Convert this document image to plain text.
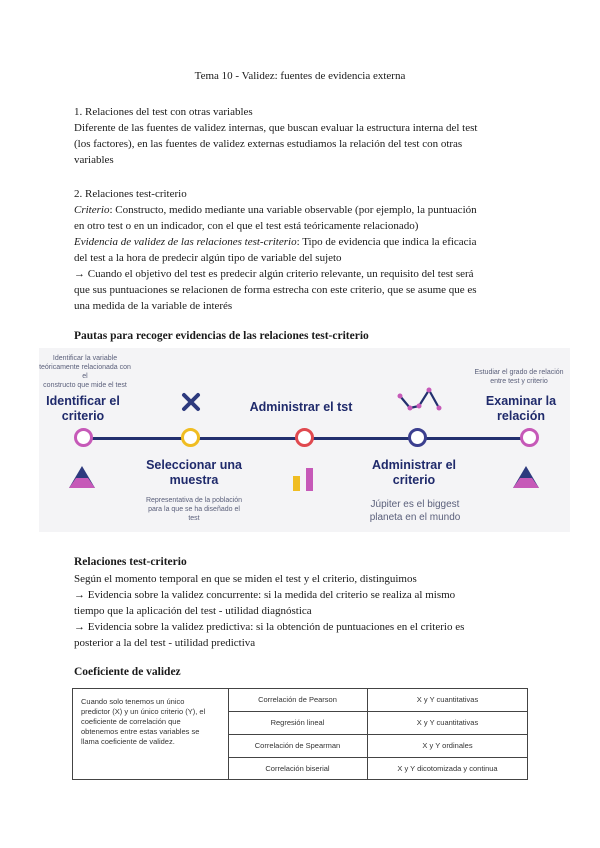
Tema 10 - Validez: fuentes de evidencia externa

1. Relaciones del test con otras variables

Diferente de las fuentes de validez internas, que buscan evaluar la estructura interna del test

(los factores), en las fuentes de validez externas estudiamos la relación del test con otras

variables

2. Relaciones test-criterio

Criterio: Constructo, medido mediante una variable observable (por ejemplo, la puntuación

en otro test o en un indicador, con el que el test está teóricamente relacionado)

Evidencia de validez de las relaciones test-criterio: Tipo de evidencia que indica la eficacia

del test a la hora de predecir algún tipo de variable del sujeto

→ Cuando el objetivo del test es predecir algún criterio relevante, un requisito del test será

que sus puntuaciones se relacionen de forma estrecha con este criterio, que se asume que es

una medida de la variable de interés

Pautas para recoger evidencias de las relaciones test-criterio
Identificar la variable
teóricamente relacionada con el
constructo que mide el test
Identificar el
criterio
Administrar el tst
Estudiar el grado de relación
entre test y criterio
Examinar la
relación
Seleccionar una
muestra
Representativa de la población
para la que se ha diseñado el
test
Administrar el
criterio
Júpiter es el biggest
planeta en el mundo
Relaciones test-criterio

Según el momento temporal en que se miden el test y el criterio, distinguimos

→ Evidencia sobre la validez concurrente: si la medida del criterio se realiza al mismo

tiempo que la aplicación del test - utilidad diagnóstica

→ Evidencia sobre la validez predictiva: si la obtención de puntuaciones en el criterio es

posterior a la del test - utilidad predictiva

Coeficiente de validez
Cuando solo tenemos un único
predictor (X) y un único criterio (Y), el
coeficiente de correlación que
obtenemos entre estas variables se
llama coeficiente de validez.
Correlación de Pearson	X y Y cuantitativas
Regresión lineal	X y Y cuantitativas
Correlación de Spearman	X y Y ordinales
Correlación biserial	X y Y dicotomizada y continua
